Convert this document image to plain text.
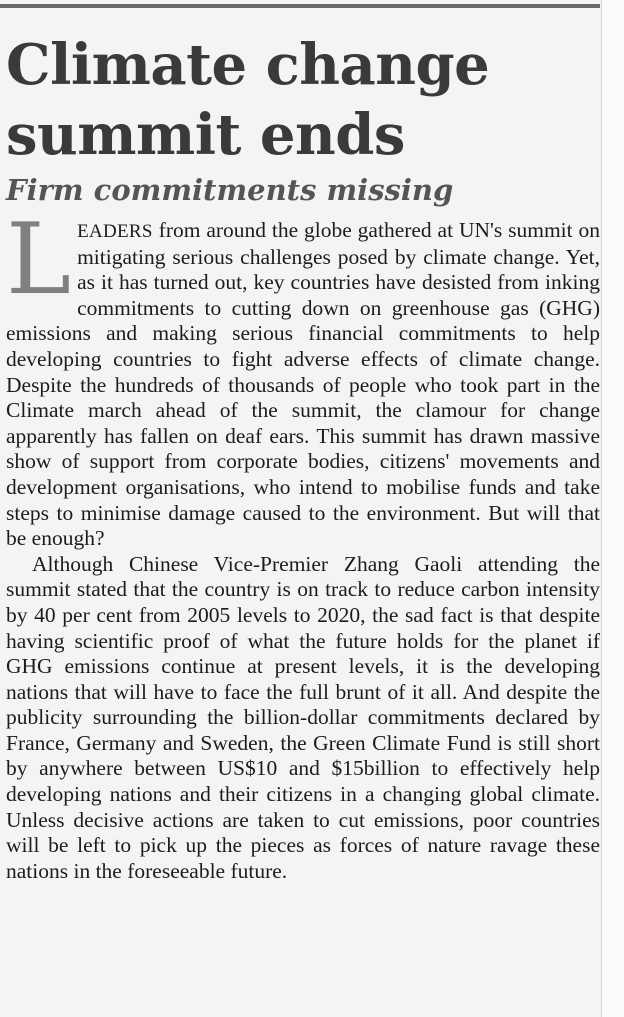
Climate change summit ends
Firm commitments missing

LEADERS from around the globe gathered at UN's summit on mitigating serious challenges posed by climate change. Yet, as it has turned out, key countries have desisted from inking commitments to cutting down on greenhouse gas (GHG) emissions and making serious financial commitments to help developing countries to fight adverse effects of climate change. Despite the hundreds of thousands of people who took part in the Climate march ahead of the summit, the clamour for change apparently has fallen on deaf ears. This summit has drawn massive show of support from corporate bodies, citizens' movements and development organisations, who intend to mobilise funds and take steps to minimise damage caused to the environment. But will that be enough?

Although Chinese Vice-Premier Zhang Gaoli attending the summit stated that the country is on track to reduce carbon intensity by 40 per cent from 2005 levels to 2020, the sad fact is that despite having scientific proof of what the future holds for the planet if GHG emissions continue at present levels, it is the developing nations that will have to face the full brunt of it all. And despite the publicity surrounding the billion-dollar commitments declared by France, Germany and Sweden, the Green Climate Fund is still short by anywhere between US$10 and $15billion to effectively help developing nations and their citizens in a changing global climate. Unless decisive actions are taken to cut emissions, poor countries will be left to pick up the pieces as forces of nature ravage these nations in the foreseeable future.
